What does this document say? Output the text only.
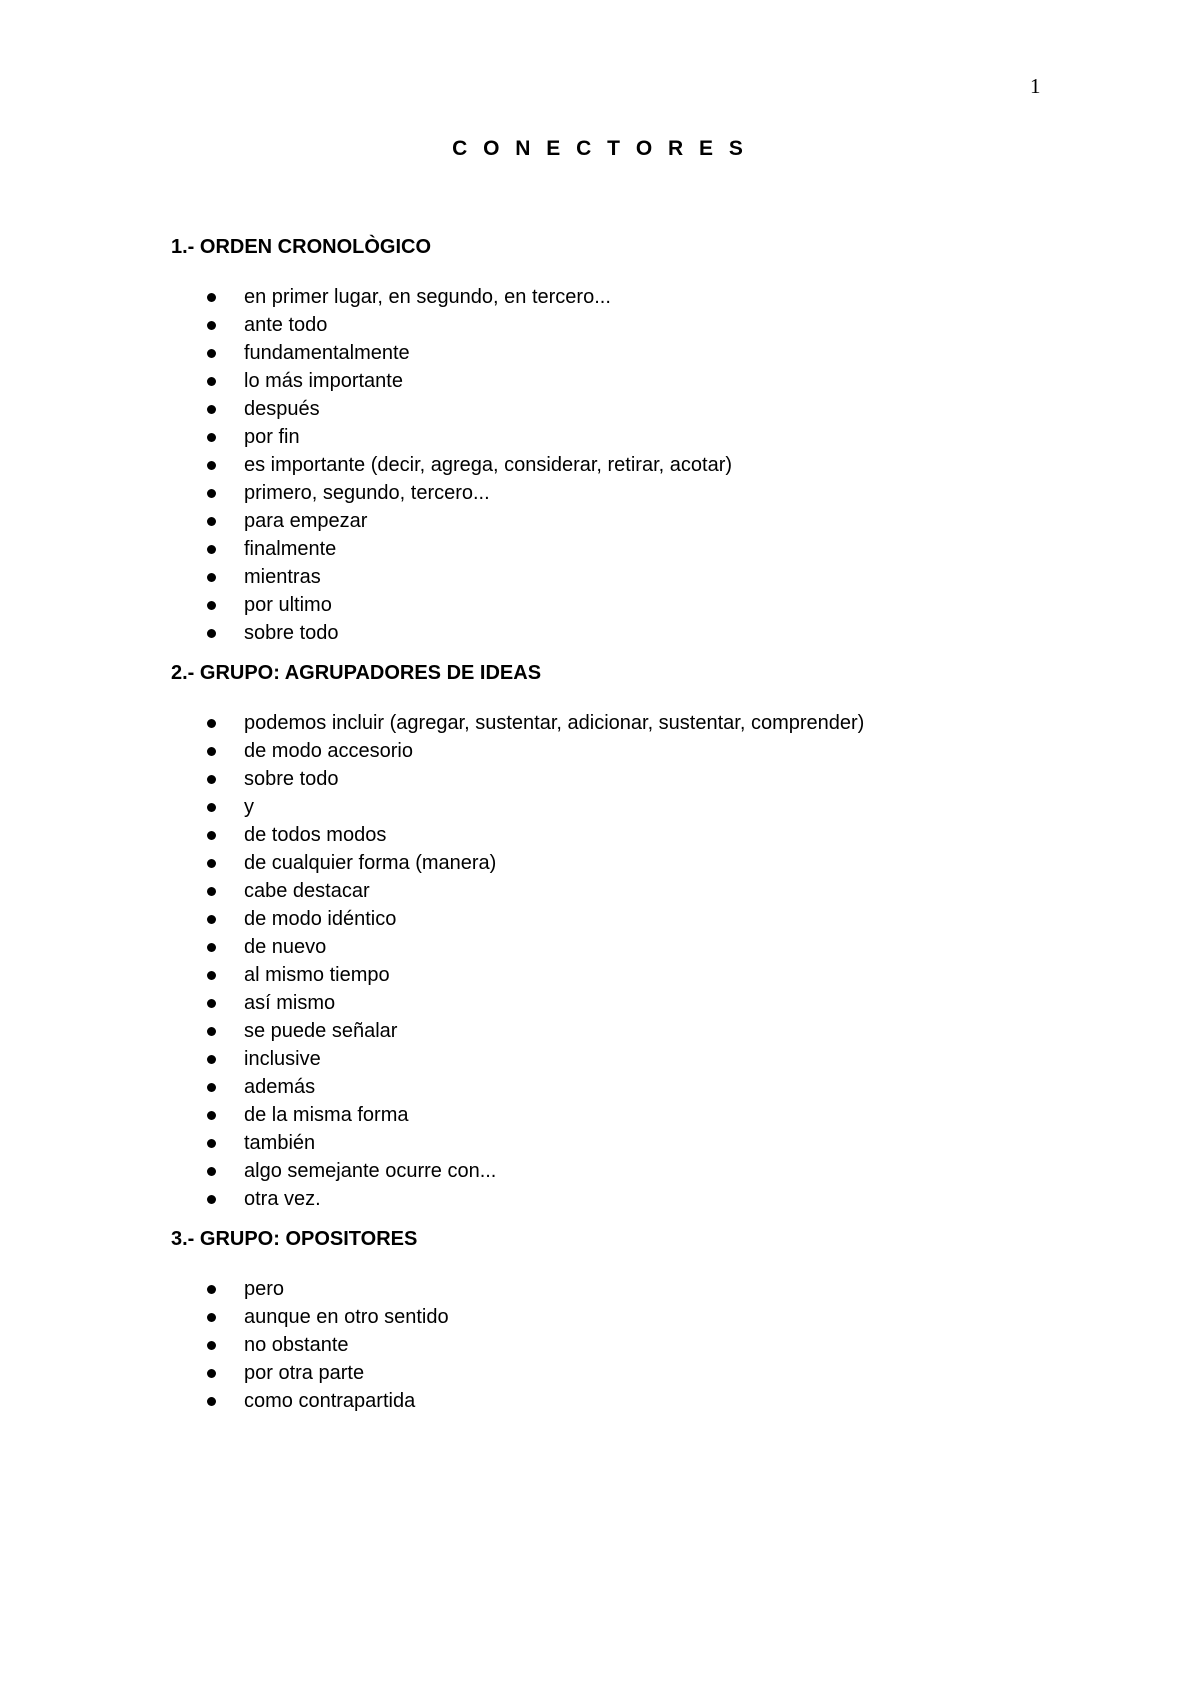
1
C O N E C T O R E S
1.- ORDEN CRONOLÒGICO
en primer lugar, en segundo, en tercero...
ante todo
fundamentalmente
lo más importante
después
por fin
es importante (decir, agrega, considerar, retirar, acotar)
primero, segundo, tercero...
para empezar
finalmente
mientras
por ultimo
sobre todo
2.- GRUPO: AGRUPADORES DE IDEAS
podemos incluir (agregar, sustentar, adicionar, sustentar, comprender)
de modo accesorio
sobre todo
y
de todos modos
de cualquier forma (manera)
cabe destacar
de modo idéntico
de nuevo
al mismo tiempo
así mismo
se puede señalar
inclusive
además
de la misma forma
también
algo semejante ocurre con...
otra vez.
3.- GRUPO: OPOSITORES
pero
aunque en otro sentido
no obstante
por otra parte
como contrapartida
